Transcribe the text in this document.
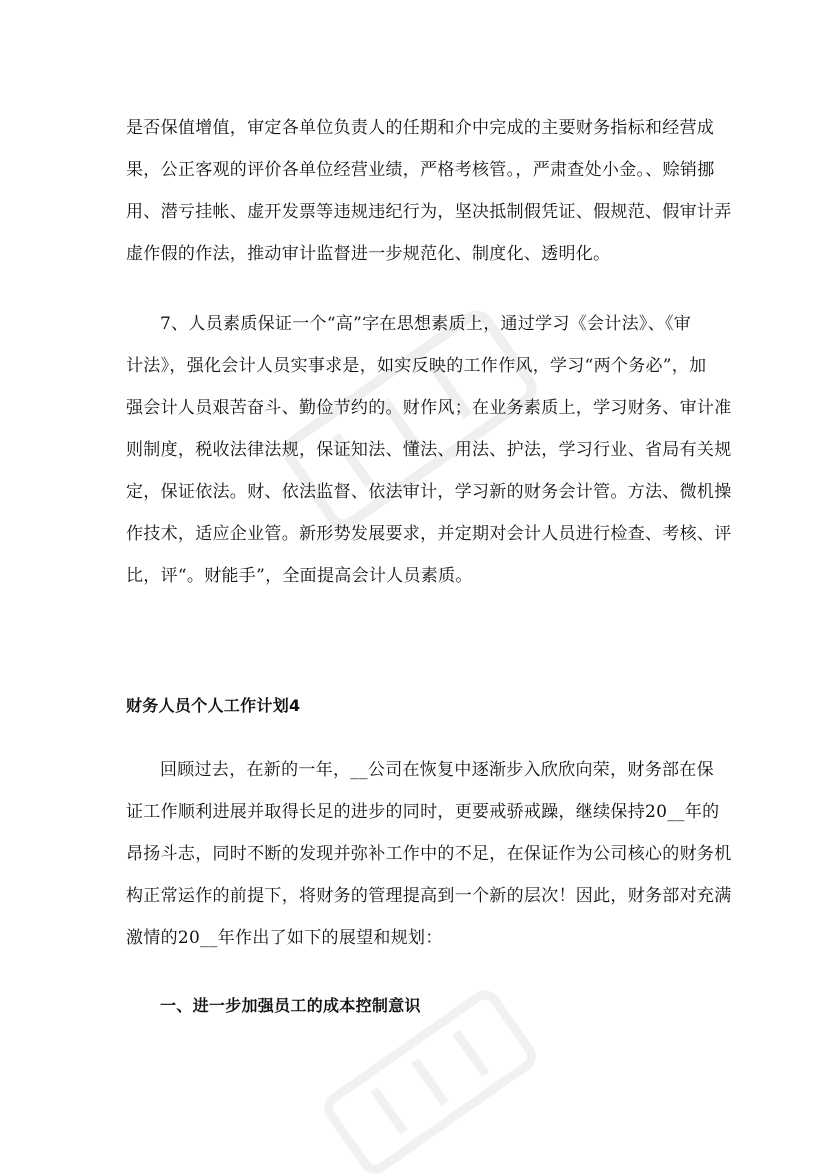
是否保值增值，审定各单位负责人的任期和介中完成的主要财务指标和经营成
果，公正客观的评价各单位经营业绩，严格考核管。，严肃查处小金。、赊销挪
用、潜亏挂帐、虚开发票等违规违纪行为，坚决抵制假凭证、假规范、假审计弄
虚作假的作法，推动审计监督进一步规范化、制度化、透明化。
7、人员素质保证一个“高”字在思想素质上，通过学习《会计法》、《审
计法》，强化会计人员实事求是，如实反映的工作作风，学习“两个务必”，加
强会计人员艰苦奋斗、勤俭节约的。财作风；在业务素质上，学习财务、审计准
则制度，税收法律法规，保证知法、懂法、用法、护法，学习行业、省局有关规
定，保证依法。财、依法监督、依法审计，学习新的财务会计管。方法、微机操
作技术，适应企业管。新形势发展要求，并定期对会计人员进行检查、考核、评
比，评“。财能手”，全面提高会计人员素质。
财务人员个人工作计划4
回顾过去，在新的一年，__公司在恢复中逐渐步入欣欣向荣，财务部在保
证工作顺利进展并取得长足的进步的同时，更要戒骄戒躁，继续保持20__年的
昂扬斗志，同时不断的发现并弥补工作中的不足，在保证作为公司核心的财务机
构正常运作的前提下，将财务的管理提高到一个新的层次！因此，财务部对充满
激情的20__年作出了如下的展望和规划：
一、进一步加强员工的成本控制意识
